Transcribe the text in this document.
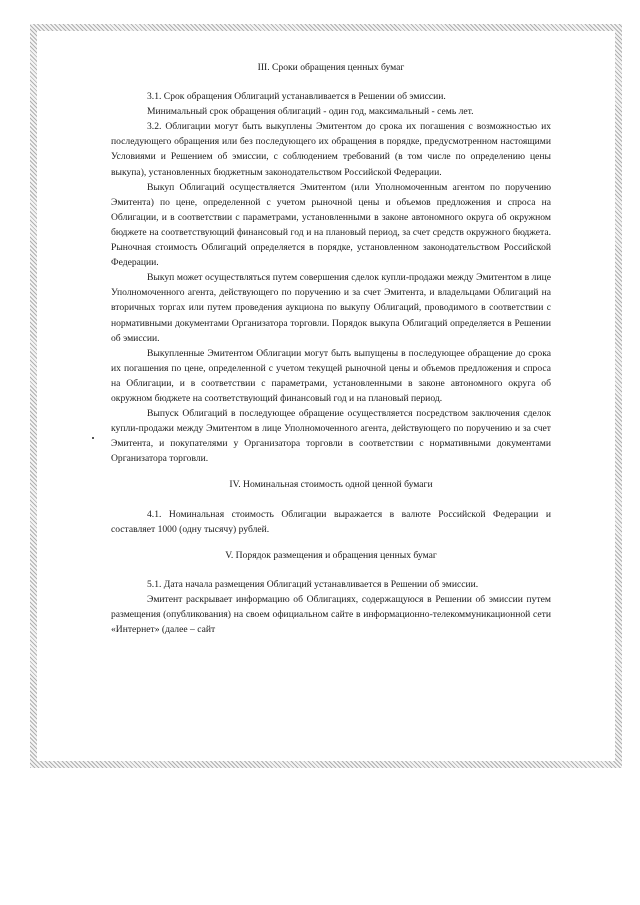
III. Сроки обращения ценных бумаг

3.1. Срок обращения Облигаций устанавливается в Решении об эмиссии.

Минимальный срок обращения облигаций - один год, максимальный - семь лет.

3.2. Облигации могут быть выкуплены Эмитентом до срока их погашения с возможностью их последующего обращения или без последующего их обращения в порядке, предусмотренном настоящими Условиями и Решением об эмиссии, с соблюдением требований (в том числе по определению цены выкупа), установленных бюджетным законодательством Российской Федерации.

Выкуп Облигаций осуществляется Эмитентом (или Уполномоченным агентом по поручению Эмитента) по цене, определенной с учетом рыночной цены и объемов предложения и спроса на Облигации, и в соответствии с параметрами, установленными в законе автономного округа об окружном бюджете на соответствующий финансовый год и на плановый период, за счет средств окружного бюджета. Рыночная стоимость Облигаций определяется в порядке, установленном законодательством Российской Федерации.

Выкуп может осуществляться путем совершения сделок купли-продажи между Эмитентом в лице Уполномоченного агента, действующего по поручению и за счет Эмитента, и владельцами Облигаций на вторичных торгах или путем проведения аукциона по выкупу Облигаций, проводимого в соответствии с нормативными документами Организатора торговли. Порядок выкупа Облигаций определяется в Решении об эмиссии.

Выкупленные Эмитентом Облигации могут быть выпущены в последующее обращение до срока их погашения по цене, определенной с учетом текущей рыночной цены и объемов предложения и спроса на Облигации, и в соответствии с параметрами, установленными в законе автономного округа об окружном бюджете на соответствующий финансовый год и на плановый период.

Выпуск Облигаций в последующее обращение осуществляется посредством заключения сделок купли-продажи между Эмитентом в лице Уполномоченного агента, действующего по поручению и за счет Эмитента, и покупателями у Организатора торговли в соответствии с нормативными документами Организатора торговли.

IV. Номинальная стоимость одной ценной бумаги

4.1. Номинальная стоимость Облигации выражается в валюте Российской Федерации и составляет 1000 (одну тысячу) рублей.

V. Порядок размещения и обращения ценных бумаг

5.1. Дата начала размещения Облигаций устанавливается в Решении об эмиссии.

Эмитент раскрывает информацию об Облигациях, содержащуюся в Решении об эмиссии путем размещения (опубликования) на своем официальном сайте в информационно-телекоммуникационной сети «Интернет» (далее – сайт
